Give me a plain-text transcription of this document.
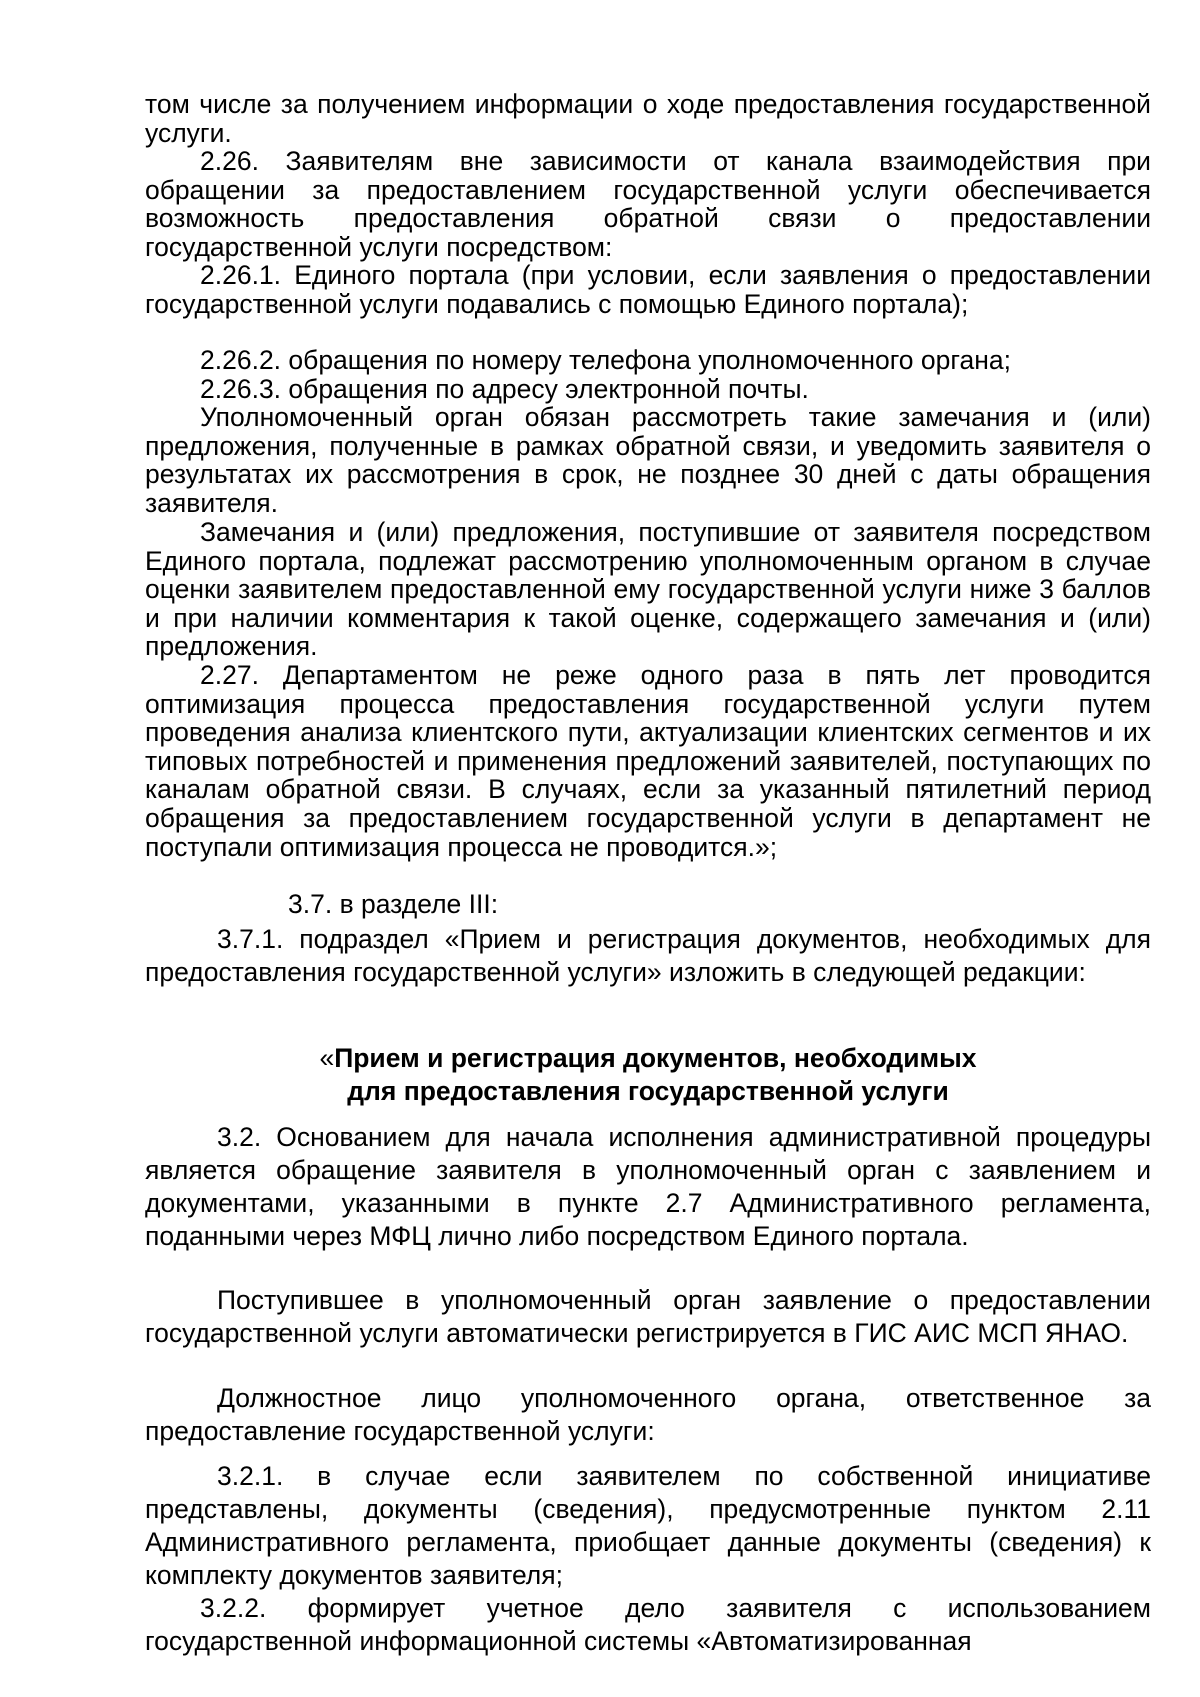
том числе за получением информации о ходе предоставления государственной услуги.

2.26. Заявителям вне зависимости от канала взаимодействия при обращении за предоставлением государственной услуги обеспечивается возможность предоставления обратной связи о предоставлении государственной услуги посредством:

2.26.1. Единого портала (при условии, если заявления о предоставлении государственной услуги подавались с помощью Единого портала);

2.26.2. обращения по номеру телефона уполномоченного органа;

2.26.3. обращения по адресу электронной почты.

Уполномоченный орган обязан рассмотреть такие замечания и (или) предложения, полученные в рамках обратной связи, и уведомить заявителя о результатах их рассмотрения в срок, не позднее 30 дней с даты обращения заявителя.

Замечания и (или) предложения, поступившие от заявителя посредством Единого портала, подлежат рассмотрению уполномоченным органом в случае оценки заявителем предоставленной ему государственной услуги ниже 3 баллов и при наличии комментария к такой оценке, содержащего замечания и (или) предложения.

2.27. Департаментом не реже одного раза в пять лет проводится оптимизация процесса предоставления государственной услуги путем проведения анализа клиентского пути, актуализации клиентских сегментов и их типовых потребностей и применения предложений заявителей, поступающих по каналам обратной связи. В случаях, если за указанный пятилетний период обращения за предоставлением государственной услуги в департамент не поступали оптимизация процесса не проводится.»;

3.7. в разделе III:

3.7.1. подраздел «Прием и регистрация документов, необходимых для предоставления государственной услуги» изложить в следующей редакции:

«Прием и регистрация документов, необходимых

для предоставления государственной услуги

3.2. Основанием для начала исполнения административной процедуры является обращение заявителя в уполномоченный орган с заявлением и документами, указанными в пункте 2.7 Административного регламента, поданными через МФЦ лично либо посредством Единого портала.

Поступившее в уполномоченный орган заявление о предоставлении государственной услуги автоматически регистрируется в ГИС АИС МСП ЯНАО.

Должностное лицо уполномоченного органа, ответственное за предоставление государственной услуги:

3.2.1. в случае если заявителем по собственной инициативе представлены, документы (сведения), предусмотренные пунктом 2.11 Административного регламента, приобщает данные документы (сведения) к комплекту документов заявителя;

3.2.2. формирует учетное дело заявителя с использованием государственной информационной системы «Автоматизированная
